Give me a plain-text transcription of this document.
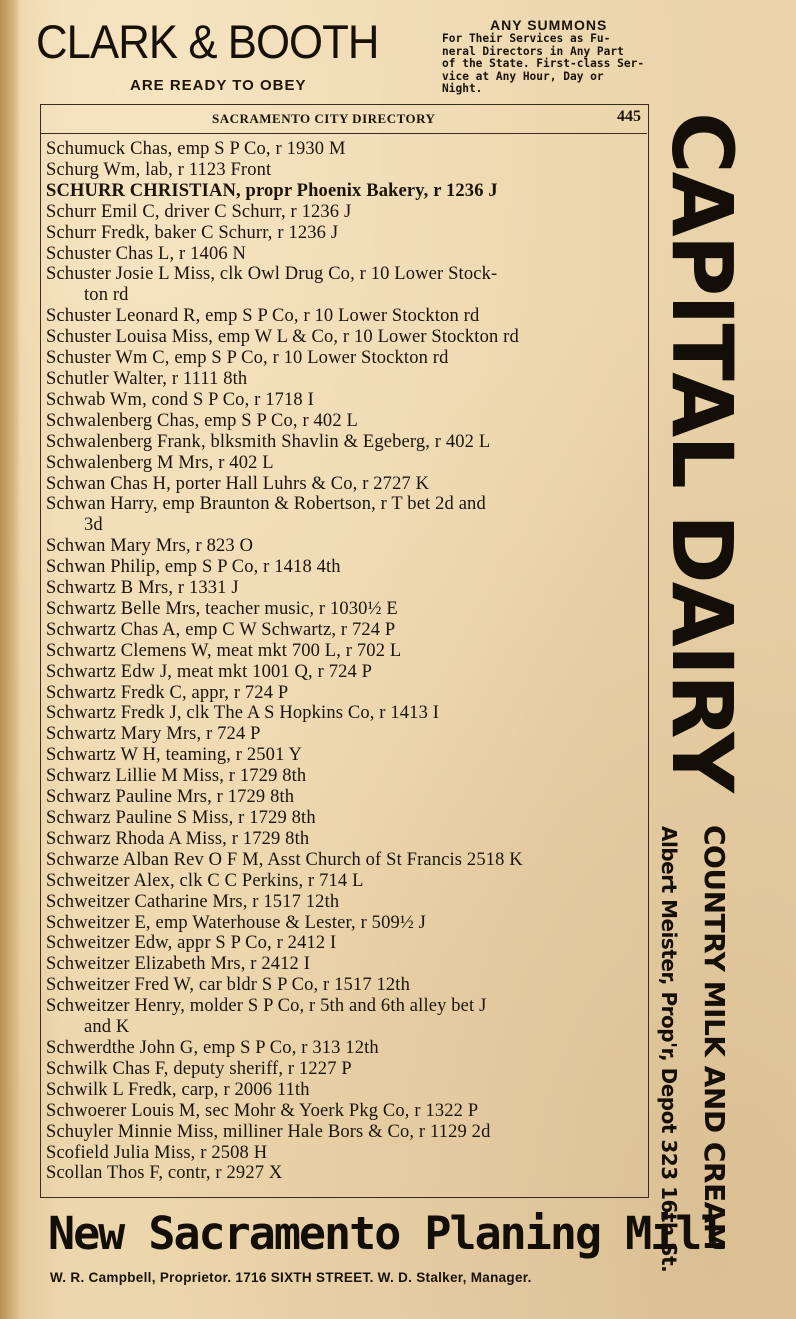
CLARK & BOOTH
ARE READY TO OBEY
ANY SUMMONS
For Their Services as Fu-
neral Directors in Any Part
of the State. First-class Ser-
vice at Any Hour, Day or
Night.
SACRAMENTO CITY DIRECTORY	445
Schumuck Chas, emp S P Co, r 1930 M
Schurg Wm, lab, r 1123 Front
SCHURR CHRISTIAN, propr Phoenix Bakery, r 1236 J
Schurr Emil C, driver C Schurr, r 1236 J
Schurr Fredk, baker C Schurr, r 1236 J
Schuster Chas L, r 1406 N
Schuster Josie L Miss, clk Owl Drug Co, r 10 Lower Stock-
ton rd
Schuster Leonard R, emp S P Co, r 10 Lower Stockton rd
Schuster Louisa Miss, emp W L & Co, r 10 Lower Stockton rd
Schuster Wm C, emp S P Co, r 10 Lower Stockton rd
Schutler Walter, r 1111 8th
Schwab Wm, cond S P Co, r 1718 I
Schwalenberg Chas, emp S P Co, r 402 L
Schwalenberg Frank, blksmith Shavlin & Egeberg, r 402 L
Schwalenberg M Mrs, r 402 L
Schwan Chas H, porter Hall Luhrs & Co, r 2727 K
Schwan Harry, emp Braunton & Robertson, r T bet 2d and
3d
Schwan Mary Mrs, r 823 O
Schwan Philip, emp S P Co, r 1418 4th
Schwartz B Mrs, r 1331 J
Schwartz Belle Mrs, teacher music, r 1030½ E
Schwartz Chas A, emp C W Schwartz, r 724 P
Schwartz Clemens W, meat mkt 700 L, r 702 L
Schwartz Edw J, meat mkt 1001 Q, r 724 P
Schwartz Fredk C, appr, r 724 P
Schwartz Fredk J, clk The A S Hopkins Co, r 1413 I
Schwartz Mary Mrs, r 724 P
Schwartz W H, teaming, r 2501 Y
Schwarz Lillie M Miss, r 1729 8th
Schwarz Pauline Mrs, r 1729 8th
Schwarz Pauline S Miss, r 1729 8th
Schwarz Rhoda A Miss, r 1729 8th
Schwarze Alban Rev O F M, Asst Church of St Francis 2518 K
Schweitzer Alex, clk C C Perkins, r 714 L
Schweitzer Catharine Mrs, r 1517 12th
Schweitzer E, emp Waterhouse & Lester, r 509½ J
Schweitzer Edw, appr S P Co, r 2412 I
Schweitzer Elizabeth Mrs, r 2412 I
Schweitzer Fred W, car bldr S P Co, r 1517 12th
Schweitzer Henry, molder S P Co, r 5th and 6th alley bet J
and K
Schwerdthe John G, emp S P Co, r 313 12th
Schwilk Chas F, deputy sheriff, r 1227 P
Schwilk L Fredk, carp, r 2006 11th
Schwoerer Louis M, sec Mohr & Yoerk Pkg Co, r 1322 P
Schuyler Minnie Miss, milliner Hale Bors & Co, r 1129 2d
Scofield Julia Miss, r 2508 H
Scollan Thos F, contr, r 2927 X
CAPITAL DAIRY
COUNTRY MILK AND CREAM
Albert Meister, Prop'r, Depot 323 16th St.
New Sacramento Planing Mill
W. R. Campbell, Proprietor. 1716 SIXTH STREET. W. D. Stalker, Manager.
